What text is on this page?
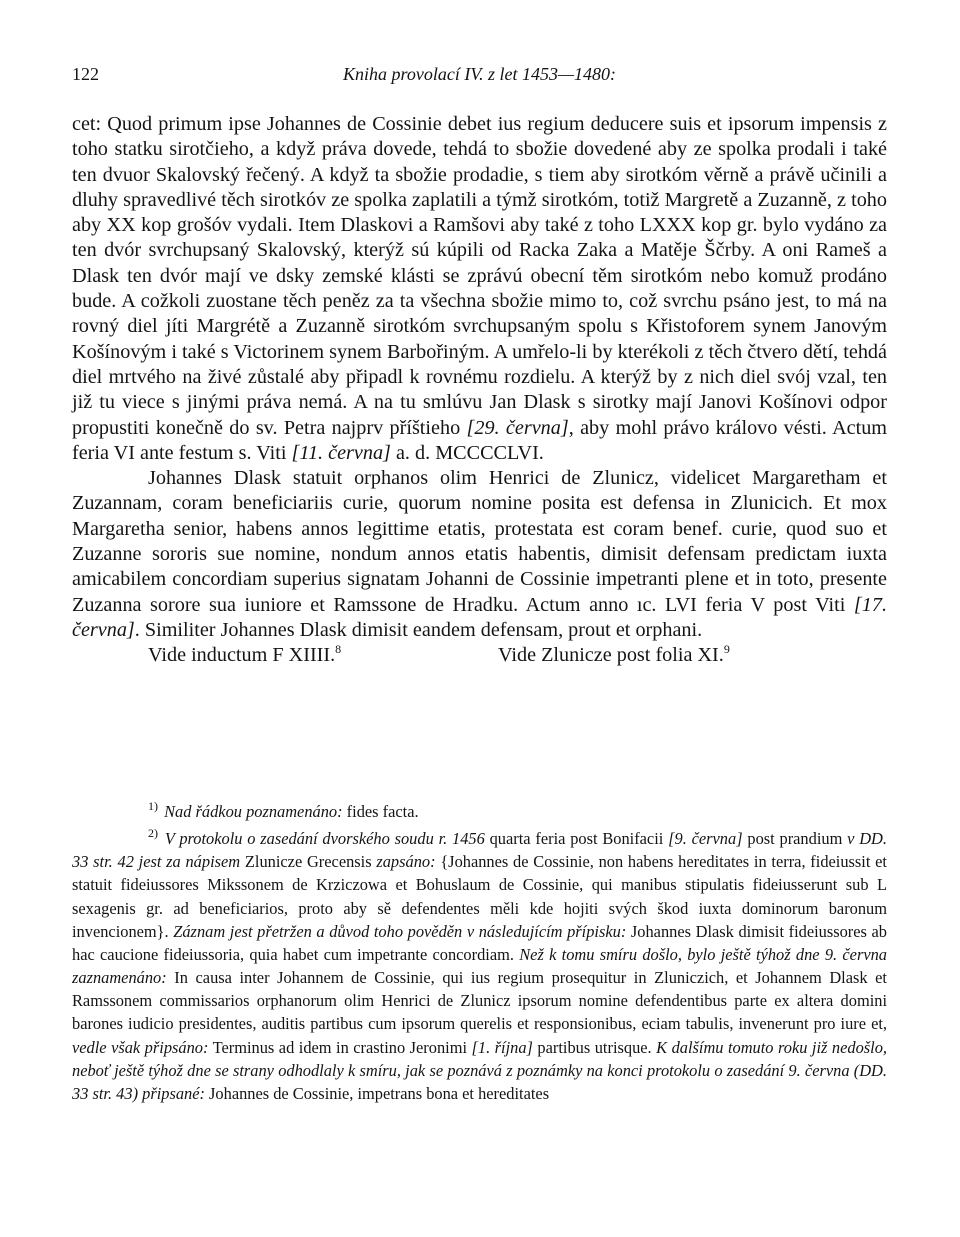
122	Kniha provolací IV. z let 1453—1480:

cet: Quod primum ipse Johannes de Cossinie debet ius regium deducere suis et ipsorum impensis z toho statku sirotčieho, a když práva dovede, tehdá to sbožie dovedené aby ze spolka prodali i také ten dvuor Skalovský řečený. A když ta sbožie prodadie, s tiem aby sirotkóm věrně a právě učinili a dluhy spravedlivé těch sirotkóv ze spolka zaplatili a týmž sirotkóm, totiž Margretě a Zuzanně, z toho aby XX kop grošóv vydali. Item Dlaskovi a Ramšovi aby také z toho LXXX kop gr. bylo vydáno za ten dvór svrchupsaný Skalovský, kterýž sú kúpili od Racka Zaka a Matěje Ščrby. A oni Rameš a Dlask ten dvór mají ve dsky zemské klásti se zprávú obecní těm sirotkóm nebo komuž prodáno bude. A cožkoli zuostane těch peněz za ta všechna sbožie mimo to, což svrchu psáno jest, to má na rovný diel jíti Margrétě a Zuzanně sirotkóm svrchupsaným spolu s Křistoforem synem Janovým Košínovým i také s Victorinem synem Barbořiným. A umřelo-li by kterékoli z těch čtvero dětí, tehdá diel mrtvého na živé zůstalé aby připadl k rovnému rozdielu. A kterýž by z nich diel svój vzal, ten již tu viece s jinými práva nemá. A na tu smlúvu Jan Dlask s sirotky mají Janovi Košínovi odpor propustiti konečně do sv. Petra najprv příštieho [29. června], aby mohl právo královo vésti. Actum feria VI ante festum s. Viti [11. června] a. d. MCCCCLVI.

Johannes Dlask statuit orphanos olim Henrici de Zlunicz, videlicet Margaretham et Zuzannam, coram beneficiariis curie, quorum nomine posita est defensa in Zlunicich. Et mox Margaretha senior, habens annos legittime etatis, protestata est coram benef. curie, quod suo et Zuzanne sororis sue nomine, nondum annos etatis habentis, dimisit defensam predictam iuxta amicabilem concordiam superius signatam Johanni de Cossinie impetranti plene et in toto, presente Zuzanna sorore sua iuniore et Ramssone de Hradku. Actum anno ıc. LVI feria V post Viti [17. června]. Similiter Johannes Dlask dimisit eandem defensam, prout et orphani.

Vide inductum F XIIII.$^8$	Vide Zlunicze post folia XI.$^9$

$^{1)}$ Nad řádkou poznamenáno: fides facta.

$^{2)}$ V protokolu o zasedání dvorského soudu r. 1456 quarta feria post Bonifacii [9. června] post prandium v DD. 33 str. 42 jest za nápisem Zlunicze Grecensis zapsáno: {Johannes de Cossinie, non habens hereditates in terra, fideiussit et statuit fideiussores Mikssonem de Krziczowa et Bohuslaum de Cossinie, qui manibus stipulatis fideiusserunt sub L sexagenis gr. ad beneficiarios, proto aby sě defendentes měli kde hojiti svých škod iuxta dominorum baronum invencionem}. Záznam jest přetržen a důvod toho pověděn v následujícím přípisku: Johannes Dlask dimisit fideiussores ab hac caucione fideiussoria, quia habet cum impetrante concordiam. Než k tomu smíru došlo, bylo ještě týhož dne 9. června zaznamenáno: In causa inter Johannem de Cossinie, qui ius regium prosequitur in Zluniczich, et Johannem Dlask et Ramssonem commissarios orphanorum olim Henrici de Zlunicz ipsorum nomine defendentibus parte ex altera domini barones iudicio presidentes, auditis partibus cum ipsorum querelis et responsionibus, eciam tabulis, invenerunt pro iure et, vedle však připsáno: Terminus ad idem in crastino Jeronimi [1. října] partibus utrisque. K dalšímu tomuto roku již nedošlo, neboť ještě týhož dne se strany odhodlaly k smíru, jak se poznává z poznámky na konci protokolu o zasedání 9. června (DD. 33 str. 43) připsané: Johannes de Cossinie, impetrans bona et hereditates
